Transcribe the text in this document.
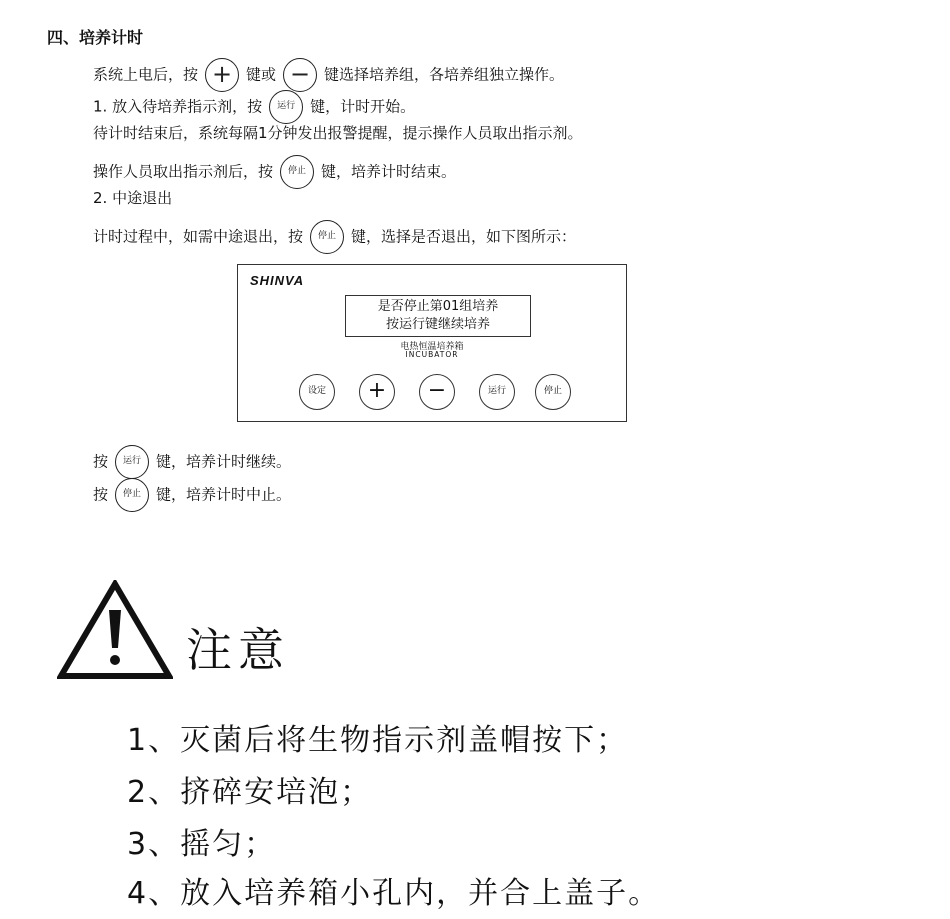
四、培养计时
系统上电后，按 + 键或 − 键选择培养组，各培养组独立操作。
1. 放入待培养指示剂，按 运行 键，计时开始。
待计时结束后，系统每隔1分钟发出报警提醒，提示操作人员取出指示剂。
操作人员取出指示剂后，按 停止 键，培养计时结束。
2. 中途退出
计时过程中，如需中途退出，按 停止 键，选择是否退出，如下图所示：
SHINVA
是否停止第01组培养
按运行键继续培养
电热恒温培养箱
INCUBATOR
设定	+	−	运行	停止
按 运行 键，培养计时继续。
按 停止 键，培养计时中止。
注意
1、灭菌后将生物指示剂盖帽按下；
2、挤碎安培泡；
3、摇匀；
4、放入培养箱小孔内，并合上盖子。
